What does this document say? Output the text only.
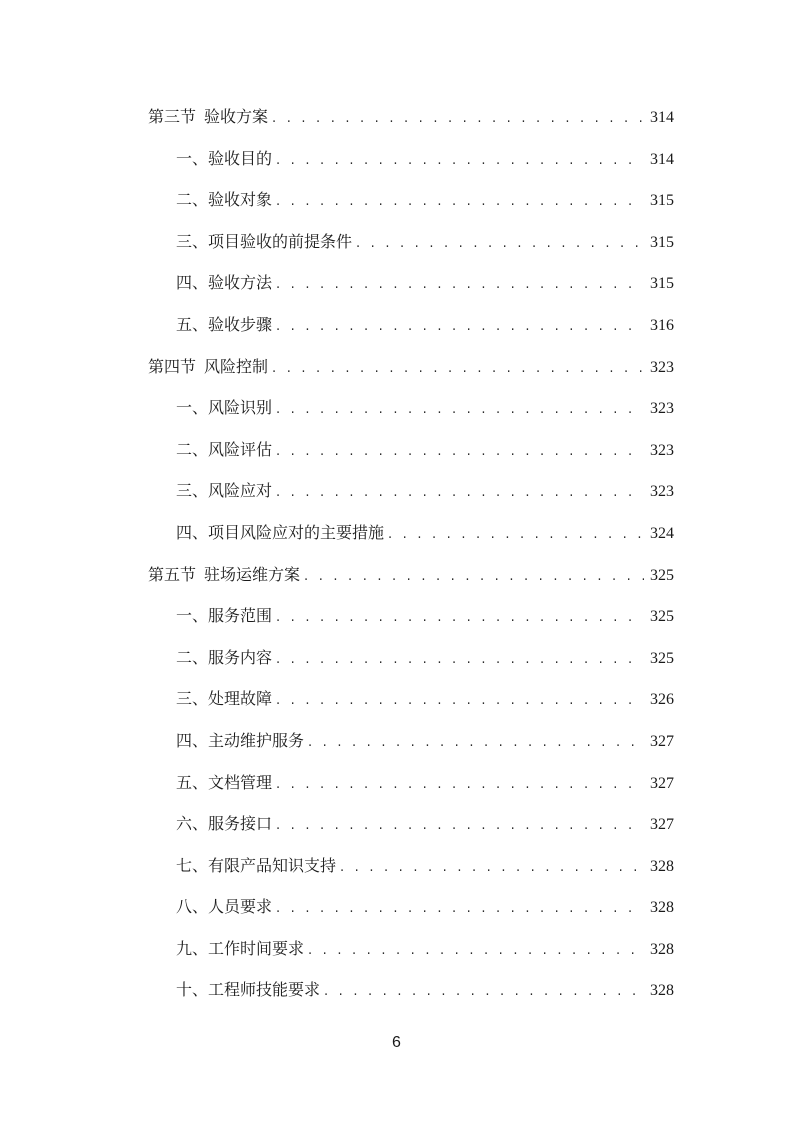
第三节 验收方案 . . .	314
一、验收目的 . . .	314
二、验收对象 . . .	315
三、项目验收的前提条件 . . .	315
四、验收方法 . . .	315
五、验收步骤 . . .	316
第四节 风险控制 . . .	323
一、风险识别 . . .	323
二、风险评估 . . .	323
三、风险应对 . . .	323
四、项目风险应对的主要措施 . . .	324
第五节 驻场运维方案 . . .	325
一、服务范围 . . .	325
二、服务内容 . . .	325
三、处理故障 . . .	326
四、主动维护服务 . . .	327
五、文档管理 . . .	327
六、服务接口 . . .	327
七、有限产品知识支持 . . .	328
八、人员要求 . . .	328
九、工作时间要求 . . .	328
十、工程师技能要求 . . .	328
6
